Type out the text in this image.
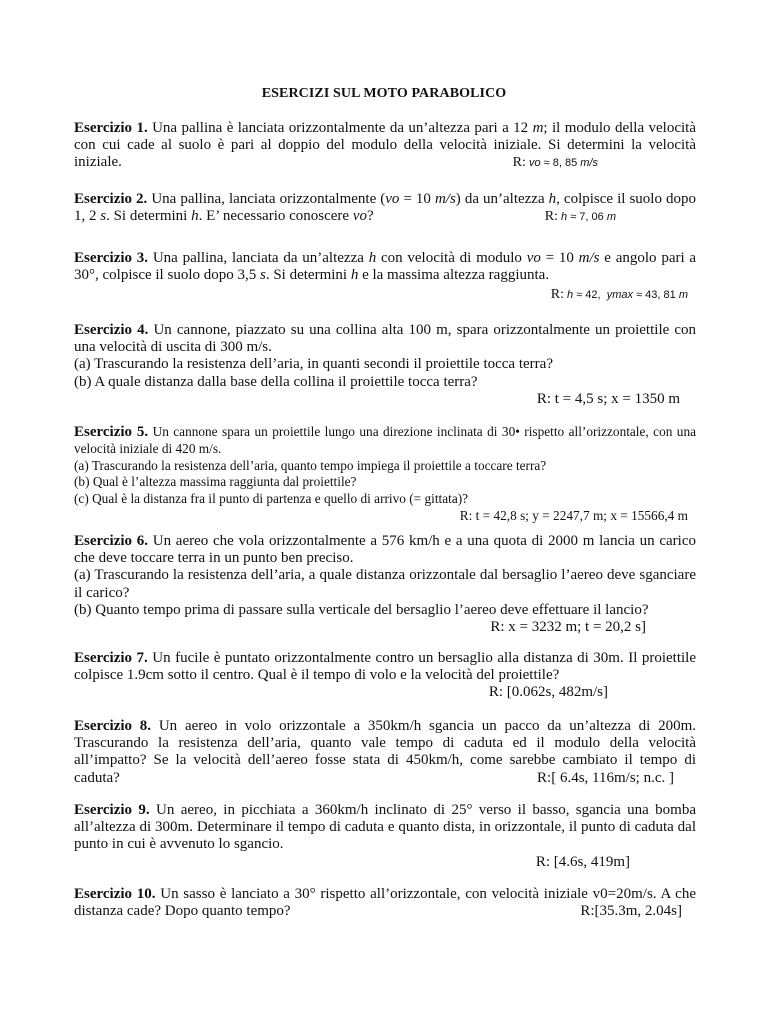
ESERCIZI SUL MOTO PARABOLICO
Esercizio 1. Una pallina è lanciata orizzontalmente da un’altezza pari a 12 m; il modulo della velocità con cui cade al suolo è pari al doppio del modulo della velocità iniziale. Si determini la velocità iniziale.	R: vo ≈ 8, 85 m/s
Esercizio 2. Una pallina, lanciata orizzontalmente (vo = 10 m/s) da un’altezza h, colpisce il suolo dopo 1, 2 s. Si determini h. E’ necessario conoscere vo?	R: h ≈ 7, 06 m
Esercizio 3. Una pallina, lanciata da un’altezza h con velocità di modulo vo = 10 m/s e angolo pari a 30°, colpisce il suolo dopo 3,5 s. Si determini h e la massima altezza raggiunta.
R: h ≈ 42, ymax ≈ 43, 81 m
Esercizio 4. Un cannone, piazzato su una collina alta 100 m, spara orizzontalmente un proiettile con una velocità di uscita di 300 m/s.
(a) Trascurando la resistenza dell’aria, in quanti secondi il proiettile tocca terra?
(b) A quale distanza dalla base della collina il proiettile tocca terra?
R: t = 4,5 s; x = 1350 m
Esercizio 5. Un cannone spara un proiettile lungo una direzione inclinata di 30• rispetto all’orizzontale, con una velocità iniziale di 420 m/s.
(a) Trascurando la resistenza dell’aria, quanto tempo impiega il proiettile a toccare terra?
(b) Qual è l’altezza massima raggiunta dal proiettile?
(c) Qual è la distanza fra il punto di partenza e quello di arrivo (= gittata)?
R: t = 42,8 s; y = 2247,7 m; x = 15566,4 m
Esercizio 6. Un aereo che vola orizzontalmente a 576 km/h e a una quota di 2000 m lancia un carico che deve toccare terra in un punto ben preciso.
(a) Trascurando la resistenza dell’aria, a quale distanza orizzontale dal bersaglio l’aereo deve sganciare il carico?
(b) Quanto tempo prima di passare sulla verticale del bersaglio l’aereo deve effettuare il lancio?
R: x = 3232 m; t = 20,2 s]
Esercizio 7. Un fucile è puntato orizzontalmente contro un bersaglio alla distanza di 30m. Il proiettile colpisce 1.9cm sotto il centro. Qual è il tempo di volo e la velocità del proiettile?
R: [0.062s, 482m/s]
Esercizio 8. Un aereo in volo orizzontale a 350km/h sgancia un pacco da un’altezza di 200m. Trascurando la resistenza dell’aria, quanto vale tempo di caduta ed il modulo della velocità all’impatto? Se la velocità dell’aereo fosse stata di 450km/h, come sarebbe cambiato il tempo di caduta?	R:[ 6.4s, 116m/s; n.c. ]
Esercizio 9. Un aereo, in picchiata a 360km/h inclinato di 25° verso il basso, sgancia una bomba all’altezza di 300m. Determinare il tempo di caduta e quanto dista, in orizzontale, il punto di caduta dal punto in cui è avvenuto lo sgancio.
R: [4.6s, 419m]
Esercizio 10. Un sasso è lanciato a 30° rispetto all’orizzontale, con velocità iniziale v0=20m/s. A che distanza cade? Dopo quanto tempo?	R:[35.3m, 2.04s]
